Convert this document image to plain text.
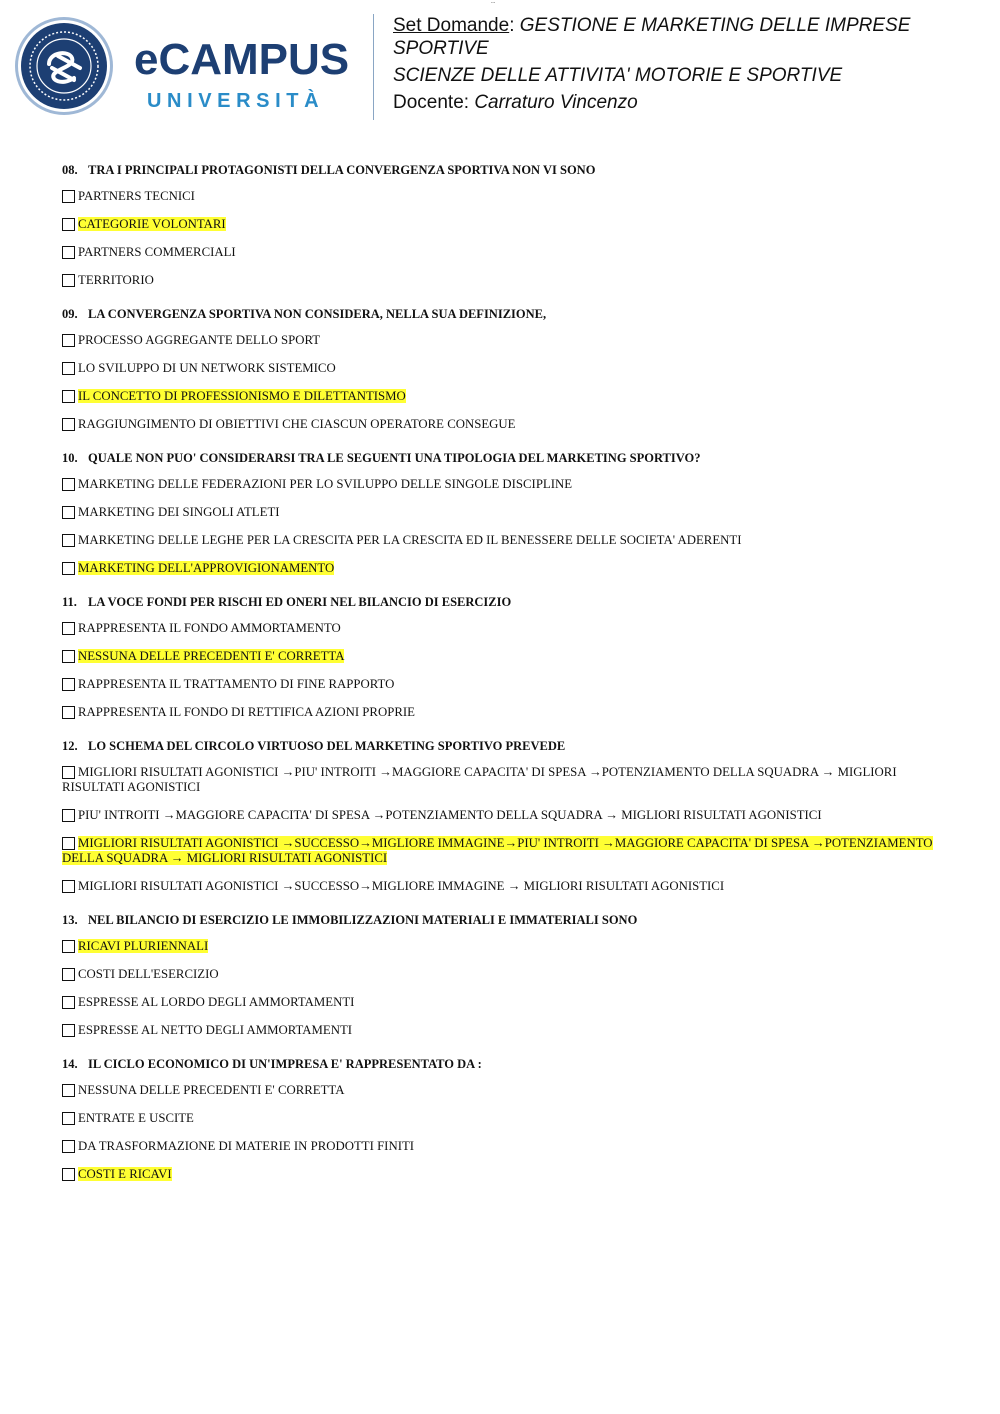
•••
eCAMPUS
UNIVERSITÀ
Set Domande: GESTIONE E MARKETING DELLE IMPRESE SPORTIVE
SCIENZE DELLE ATTIVITA' MOTORIE E SPORTIVE
Docente: Carraturo Vincenzo
08. TRA I PRINCIPALI PROTAGONISTI DELLA CONVERGENZA SPORTIVA NON VI SONO
PARTNERS TECNICI
CATEGORIE VOLONTARI
PARTNERS COMMERCIALI
TERRITORIO
09. LA CONVERGENZA SPORTIVA NON CONSIDERA, NELLA SUA DEFINIZIONE,
PROCESSO AGGREGANTE DELLO SPORT
LO SVILUPPO DI UN NETWORK SISTEMICO
IL CONCETTO DI PROFESSIONISMO E DILETTANTISMO
RAGGIUNGIMENTO DI OBIETTIVI CHE CIASCUN OPERATORE CONSEGUE
10. QUALE NON PUO' CONSIDERARSI TRA LE SEGUENTI UNA TIPOLOGIA DEL MARKETING SPORTIVO?
MARKETING DELLE FEDERAZIONI PER LO SVILUPPO DELLE SINGOLE DISCIPLINE
MARKETING DEI SINGOLI ATLETI
MARKETING DELLE LEGHE PER LA CRESCITA PER LA CRESCITA ED IL BENESSERE DELLE SOCIETA' ADERENTI
MARKETING DELL'APPROVIGIONAMENTO
11. LA VOCE FONDI PER RISCHI ED ONERI NEL BILANCIO DI ESERCIZIO
RAPPRESENTA IL FONDO AMMORTAMENTO
NESSUNA DELLE PRECEDENTI E' CORRETTA
RAPPRESENTA IL TRATTAMENTO DI FINE RAPPORTO
RAPPRESENTA IL FONDO DI RETTIFICA AZIONI PROPRIE
12. LO SCHEMA DEL CIRCOLO VIRTUOSO DEL MARKETING SPORTIVO PREVEDE
MIGLIORI RISULTATI AGONISTICI →PIU' INTROITI →MAGGIORE CAPACITA' DI SPESA →POTENZIAMENTO DELLA SQUADRA → MIGLIORI RISULTATI AGONISTICI
PIU' INTROITI →MAGGIORE CAPACITA' DI SPESA →POTENZIAMENTO DELLA SQUADRA → MIGLIORI RISULTATI AGONISTICI
MIGLIORI RISULTATI AGONISTICI →SUCCESSO→MIGLIORE IMMAGINE→PIU' INTROITI →MAGGIORE CAPACITA' DI SPESA →POTENZIAMENTO DELLA SQUADRA → MIGLIORI RISULTATI AGONISTICI
MIGLIORI RISULTATI AGONISTICI →SUCCESSO→MIGLIORE IMMAGINE → MIGLIORI RISULTATI AGONISTICI
13. NEL BILANCIO DI ESERCIZIO LE IMMOBILIZZAZIONI MATERIALI E IMMATERIALI SONO
RICAVI PLURIENNALI
COSTI DELL'ESERCIZIO
ESPRESSE AL LORDO DEGLI AMMORTAMENTI
ESPRESSE AL NETTO DEGLI AMMORTAMENTI
14. IL CICLO ECONOMICO DI UN'IMPRESA E' RAPPRESENTATO DA :
NESSUNA DELLE PRECEDENTI E' CORRETTA
ENTRATE E USCITE
DA TRASFORMAZIONE DI MATERIE IN PRODOTTI FINITI
COSTI E RICAVI
